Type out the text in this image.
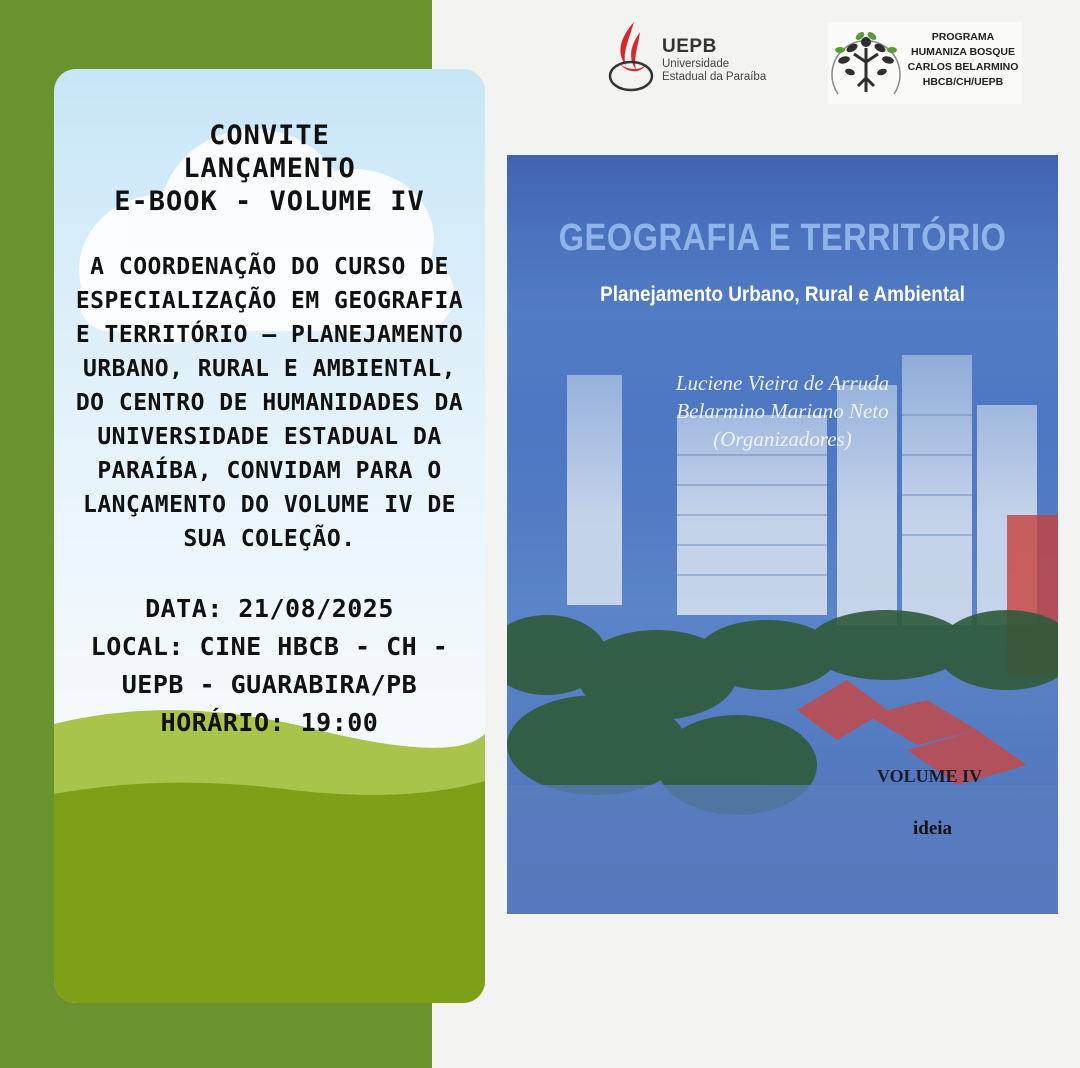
CONVITE
LANÇAMENTO
E-BOOK - VOLUME IV
A COORDENAÇÃO DO CURSO DE ESPECIALIZAÇÃO EM GEOGRAFIA E TERRITÓRIO – PLANEJAMENTO URBANO, RURAL E AMBIENTAL, DO CENTRO DE HUMANIDADES DA UNIVERSIDADE ESTADUAL DA PARAÍBA, CONVIDAM PARA O LANÇAMENTO DO VOLUME IV DE SUA COLEÇÃO.
DATA: 21/08/2025
LOCAL: CINE HBCB - CH - UEPB - GUARABIRA/PB
HORÁRIO: 19:00
UEPB
Universidade
Estadual da Paraíba
PROGRAMA
HUMANIZA BOSQUE
CARLOS BELARMINO
HBCB/CH/UEPB
GEOGRAFIA E TERRITÓRIO
Planejamento Urbano, Rural e Ambiental
Luciene Vieira de Arruda
Belarmino Mariano Neto
(Organizadores)
VOLUME IV
ideia
